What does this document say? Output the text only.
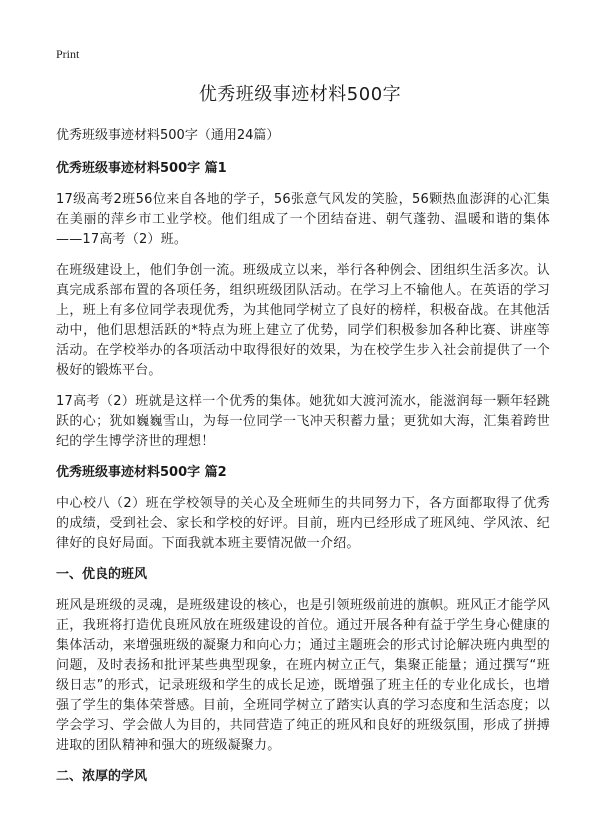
Print
优秀班级事迹材料500字

优秀班级事迹材料500字（通用24篇）

优秀班级事迹材料500字 篇1

17级高考2班56位来自各地的学子，56张意气风发的笑脸，56颗热血澎湃的心汇集在美丽的萍乡市工业学校。他们组成了一个团结奋进、朝气蓬勃、温暖和谐的集体——17高考（2）班。

在班级建设上，他们争创一流。班级成立以来，举行各种例会、团组织生活多次。认真完成系部布置的各项任务，组织班级团队活动。在学习上不输他人。在英语的学习上，班上有多位同学表现优秀，为其他同学树立了良好的榜样，积极奋战。在其他活动中，他们思想活跃的*特点为班上建立了优势，同学们积极参加各种比赛、讲座等活动。在学校举办的各项活动中取得很好的效果，为在校学生步入社会前提供了一个极好的锻炼平台。

17高考（2）班就是这样一个优秀的集体。她犹如大渡河流水，能滋润每一颗年轻跳跃的心；犹如巍巍雪山，为每一位同学一飞冲天积蓄力量；更犹如大海，汇集着跨世纪的学生博学济世的理想！

优秀班级事迹材料500字 篇2

中心校八（2）班在学校领导的关心及全班师生的共同努力下，各方面都取得了优秀的成绩，受到社会、家长和学校的好评。目前，班内已经形成了班风纯、学风浓、纪律好的良好局面。下面我就本班主要情况做一介绍。

一、优良的班风

班风是班级的灵魂，是班级建设的核心，也是引领班级前进的旗帜。班风正才能学风正，我班将打造优良班风放在班级建设的首位。通过开展各种有益于学生身心健康的集体活动，来增强班级的凝聚力和向心力；通过主题班会的形式讨论解决班内典型的问题，及时表扬和批评某些典型现象，在班内树立正气，集聚正能量；通过撰写“班级日志”的形式，记录班级和学生的成长足迹，既增强了班主任的专业化成长，也增强了学生的集体荣誉感。目前，全班同学树立了踏实认真的学习态度和生活态度；以学会学习、学会做人为目的，共同营造了纯正的班风和良好的班级氛围，形成了拼搏进取的团队精神和强大的班级凝聚力。

二、浓厚的学风
